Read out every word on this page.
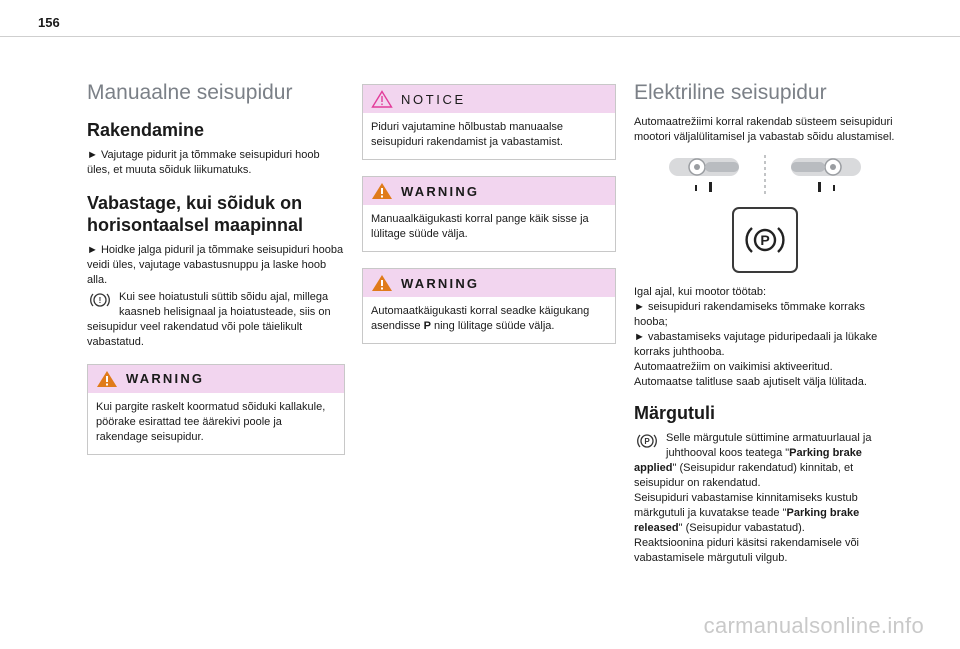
156
Manuaalne seisupidur
Rakendamine
► Vajutage pidurit ja tõmmake seisupiduri hoob üles, et muuta sõiduk liikumatuks.
Vabastage, kui sõiduk on horisontaalsel maapinnal
► Hoidke jalga piduril ja tõmmake seisupiduri hooba veidi üles, vajutage vabastusnuppu ja laske hoob alla.
! Kui see hoiatustuli süttib sõidu ajal, millega kaasneb helisignaal ja hoiatusteade, siis on seisupidur veel rakendatud või pole täielikult vabastatud.
WARNING
Kui pargite raskelt koormatud sõiduki kallakule, pöörake esirattad tee äärekivi poole ja rakendage seisupidur.
NOTICE
Piduri vajutamine hõlbustab manuaalse seisupiduri rakendamist ja vabastamist.
WARNING
Manuaalkäigukasti korral pange käik sisse ja lülitage süüde välja.
WARNING
Automaatkäigukasti korral seadke käigukang asendisse P ning lülitage süüde välja.
Elektriline seisupidur
Automaatrežiimi korral rakendab süsteem seisupiduri mootori väljalülitamisel ja vabastab sõidu alustamisel.
P
Igal ajal, kui mootor töötab:
► seisupiduri rakendamiseks tõmmake korraks hooba;
► vabastamiseks vajutage piduripedaali ja lükake korraks juhthooba.
Automaatrežiim on vaikimisi aktiveeritud.
Automaatse talitluse saab ajutiselt välja lülitada.
Märgutuli
P Selle märgutule süttimine armatuurlaual ja juhthooval koos teatega "Parking brake applied" (Seisupidur rakendatud) kinnitab, et seisupidur on rakendatud.
Seisupiduri vabastamise kinnitamiseks kustub märkgutuli ja kuvatakse teade "Parking brake released" (Seisupidur vabastatud).
Reaktsioonina piduri käsitsi rakendamisele või vabastamisele märgutuli vilgub.
carmanualsonline.info
